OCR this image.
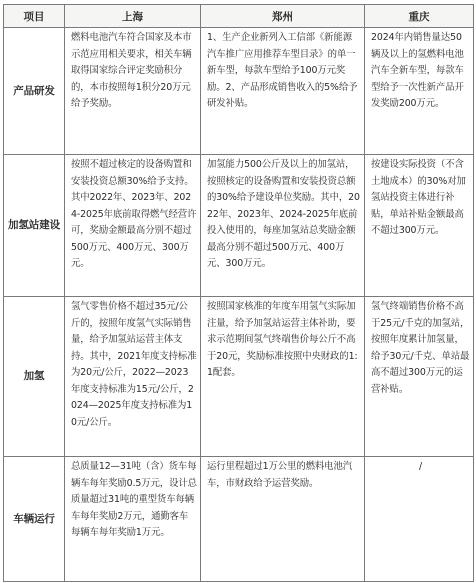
项目	上海	郑州	重庆
产品研发	燃料电池汽车符合国家及本市示范应用相关要求，相关车辆取得国家综合评定奖励积分的，本市按照每1积分20万元给予奖励。	1、生产企业新列入工信部《新能源汽车推广应用推荐车型目录》的单一新车型，每款车型给予100万元奖励。2、产品形成销售收入的5%给予研发补贴。	2024年内销售量达50辆及以上的氢燃料电池汽车全新车型，每款车型给予一次性新产品开发奖励200万元。
加氢站建设	按照不超过核定的设备购置和安装投资总额30%给予支持。其中2022年、2023年、2024-2025年底前取得燃气经营许可，奖励金额最高分别不超过500万元、400万元、300万元。	加氢能力500公斤及以上的加氢站，按照核定的设备购置和安装投资总额的30%给予建设单位奖励。其中，2022年、2023年、2024-2025年底前投入使用的，每座加氢站总奖励金额最高分别不超过500万元、400万元、300万元。	按建设实际投资（不含土地成本）的30%对加氢站投资主体进行补贴，单站补贴金额最高不超过300万元。
加氢	氢气零售价格不超过35元/公斤的，按照年度氢气实际销售量，给予加氢站运营主体支持。其中，2021年度支持标准为20元/公斤，2022—2023年度支持标准为15元/公斤，2024—2025年度支持标准为10元/公斤。	按照国家核准的年度车用氢气实际加注量，给予加氢站运营主体补助，要求示范期间氢气终端售价每公斤不高于20元，奖励标准按照中央财政的1:1配套。	氢气终端销售价格不高于25元/千克的加氢站，按照年度累计加氢量，给予30元/千克、单站最高不超过300万元的运营补贴。
车辆运行	总质量12—31吨（含）货车每辆车每年奖励0.5万元，设计总质量超过31吨的重型货车每辆车每年奖励2万元，通勤客车每辆车每年奖励1万元。	运行里程超过1万公里的燃料电池汽车，市财政给予运营奖励。	/
